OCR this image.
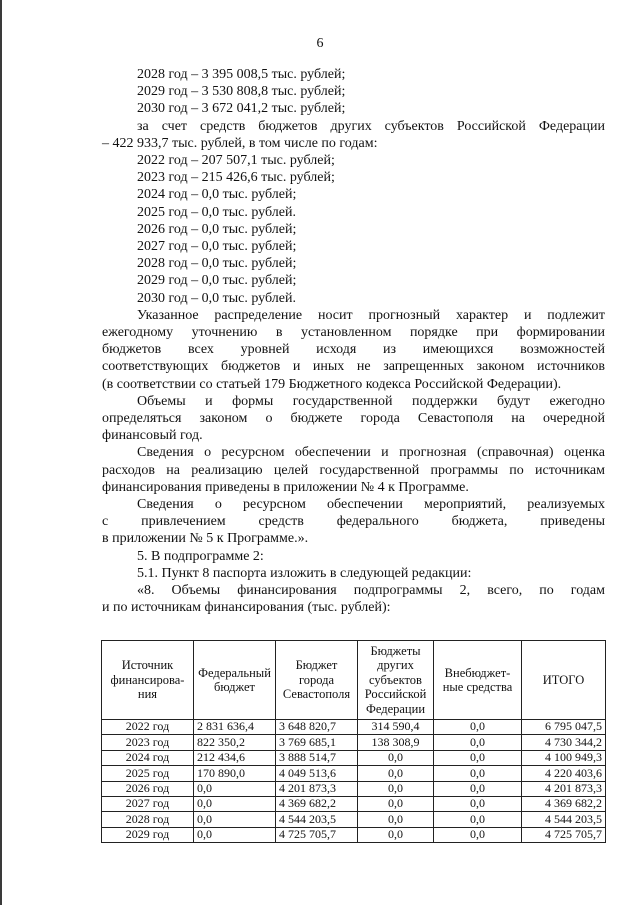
6

2028 год – 3 395 008,5 тыс. рублей;

2029 год – 3 530 808,8 тыс. рублей;

2030 год – 3 672 041,2 тыс. рублей;

за счет средств бюджетов других субъектов Российской Федерации

– 422 933,7 тыс. рублей, в том числе по годам:

2022 год – 207 507,1 тыс. рублей;

2023 год – 215 426,6 тыс. рублей;

2024 год – 0,0 тыс. рублей;

2025 год – 0,0 тыс. рублей.

2026 год – 0,0 тыс. рублей;

2027 год – 0,0 тыс. рублей;

2028 год – 0,0 тыс. рублей;

2029 год – 0,0 тыс. рублей;

2030 год – 0,0 тыс. рублей.

Указанное распределение носит прогнозный характер и подлежит

ежегодному уточнению в установленном порядке при формировании

бюджетов всех уровней исходя из имеющихся возможностей

соответствующих бюджетов и иных не запрещенных законом источников

(в соответствии со статьей 179 Бюджетного кодекса Российской Федерации).

Объемы и формы государственной поддержки будут ежегодно

определяться законом о бюджете города Севастополя на очередной

финансовый год.

Сведения о ресурсном обеспечении и прогнозная (справочная) оценка

расходов на реализацию целей государственной программы по источникам

финансирования приведены в приложении № 4 к Программе.

Сведения о ресурсном обеспечении мероприятий, реализуемых

с привлечением средств федерального бюджета, приведены

в приложении № 5 к Программе.».

5. В подпрограмме 2:

5.1. Пункт 8 паспорта изложить в следующей редакции:

«8. Объемы финансирования подпрограммы 2, всего, по годам

и по источникам финансирования (тыс. рублей):

Источник финансирова-ния	Федеральный бюджет	Бюджет города Севастополя	Бюджеты других субъектов Российской Федерации	Внебюджет-ные средства	ИТОГО
2022 год	2 831 636,4	3 648 820,7	314 590,4	0,0	6 795 047,5
2023 год	822 350,2	3 769 685,1	138 308,9	0,0	4 730 344,2
2024 год	212 434,6	3 888 514,7	0,0	0,0	4 100 949,3
2025 год	170 890,0	4 049 513,6	0,0	0,0	4 220 403,6
2026 год	0,0	4 201 873,3	0,0	0,0	4 201 873,3
2027 год	0,0	4 369 682,2	0,0	0,0	4 369 682,2
2028 год	0,0	4 544 203,5	0,0	0,0	4 544 203,5
2029 год	0,0	4 725 705,7	0,0	0,0	4 725 705,7
